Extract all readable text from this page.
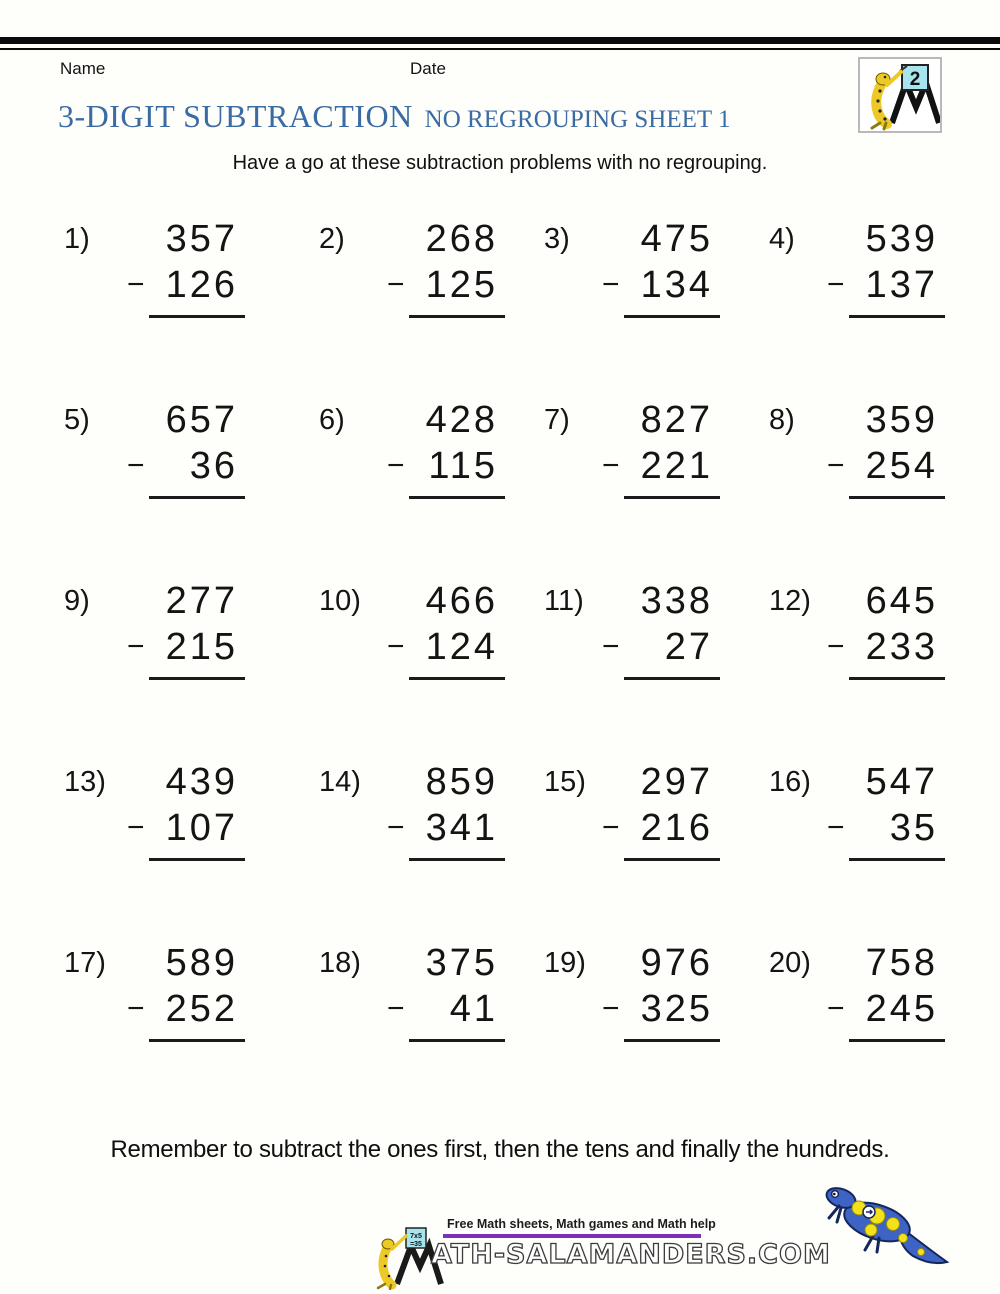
Name	Date
2
3-DIGIT SUBTRACTION NO REGROUPING SHEET 1
Have a go at these subtraction problems with no regrouping.
1)	357
− 126
2)	268
− 125
3)	475
− 134
4)	539
− 137
5)	657
− 36
6)	428
− 115
7)	827
− 221
8)	359
− 254
9)	277
− 215
10)	466
− 124
11)	338
− 27
12)	645
− 233
13)	439
− 107
14)	859
− 341
15)	297
− 216
16)	547
− 35
17)	589
− 252
18)	375
− 41
19)	976
− 325
20)	758
− 245
Remember to subtract the ones first, then the tens and finally the hundreds.
7x5
=35
Free Math sheets, Math games and Math help
ATH-SALAMANDERS.COM
